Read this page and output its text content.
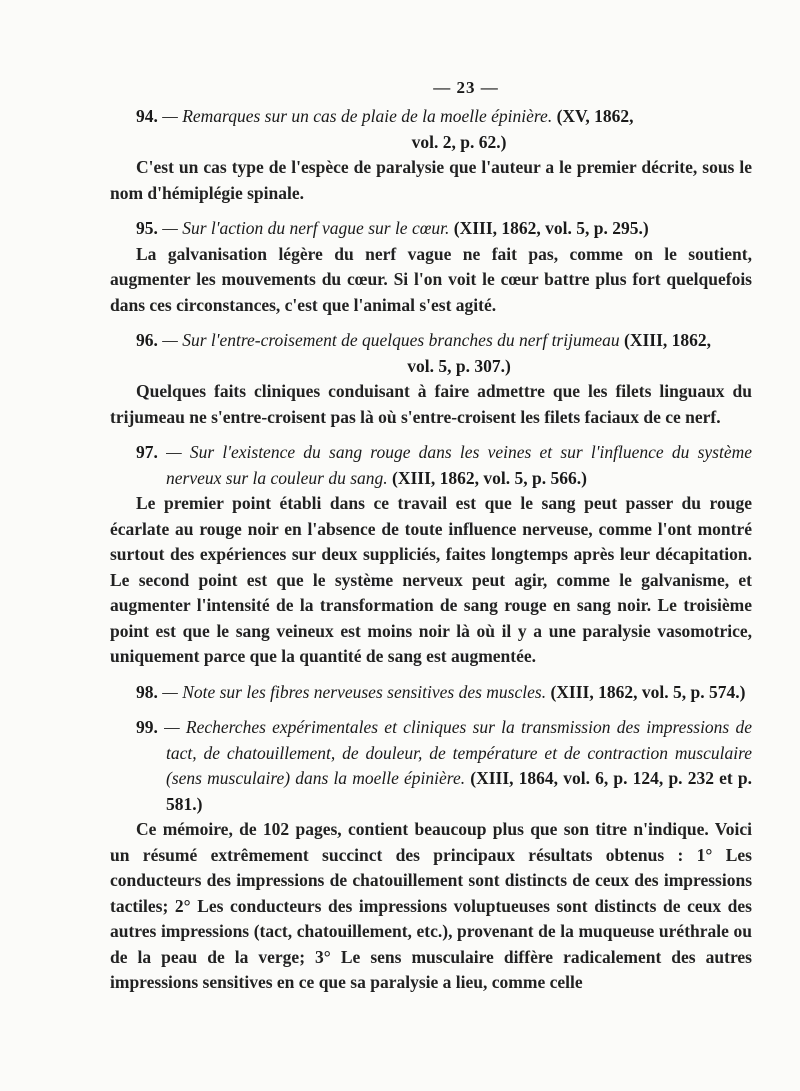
— 23 —
94. — Remarques sur un cas de plaie de la moelle épinière. (XV, 1862,
vol. 2, p. 62.)
C'est un cas type de l'espèce de paralysie que l'auteur a le premier décrite, sous le nom d'hémiplégie spinale.
95. — Sur l'action du nerf vague sur le cœur. (XIII, 1862, vol. 5, p. 295.)
La galvanisation légère du nerf vague ne fait pas, comme on le soutient, augmenter les mouvements du cœur. Si l'on voit le cœur battre plus fort quelquefois dans ces circonstances, c'est que l'animal s'est agité.
96. — Sur l'entre-croisement de quelques branches du nerf trijumeau (XIII, 1862,
vol. 5, p. 307.)
Quelques faits cliniques conduisant à faire admettre que les filets linguaux du trijumeau ne s'entre-croisent pas là où s'entre-croisent les filets faciaux de ce nerf.
97. — Sur l'existence du sang rouge dans les veines et sur l'influence du système nerveux sur la couleur du sang. (XIII, 1862, vol. 5, p. 566.)
Le premier point établi dans ce travail est que le sang peut passer du rouge écarlate au rouge noir en l'absence de toute influence nerveuse, comme l'ont montré surtout des expériences sur deux suppliciés, faites longtemps après leur décapitation. Le second point est que le système nerveux peut agir, comme le galvanisme, et augmenter l'intensité de la transformation de sang rouge en sang noir. Le troisième point est que le sang veineux est moins noir là où il y a une paralysie vasomotrice, uniquement parce que la quantité de sang est augmentée.
98. — Note sur les fibres nerveuses sensitives des muscles. (XIII, 1862, vol. 5, p. 574.)
99. — Recherches expérimentales et cliniques sur la transmission des impressions de tact, de chatouillement, de douleur, de température et de contraction musculaire (sens musculaire) dans la moelle épinière. (XIII, 1864, vol. 6, p. 124, p. 232 et p. 581.)
Ce mémoire, de 102 pages, contient beaucoup plus que son titre n'indique. Voici un résumé extrêmement succinct des principaux résultats obtenus : 1° Les conducteurs des impressions de chatouillement sont distincts de ceux des impressions tactiles; 2° Les conducteurs des impressions voluptueuses sont distincts de ceux des autres impressions (tact, chatouillement, etc.), provenant de la muqueuse uréthrale ou de la peau de la verge; 3° Le sens musculaire diffère radicalement des autres impressions sensitives en ce que sa paralysie a lieu, comme celle
